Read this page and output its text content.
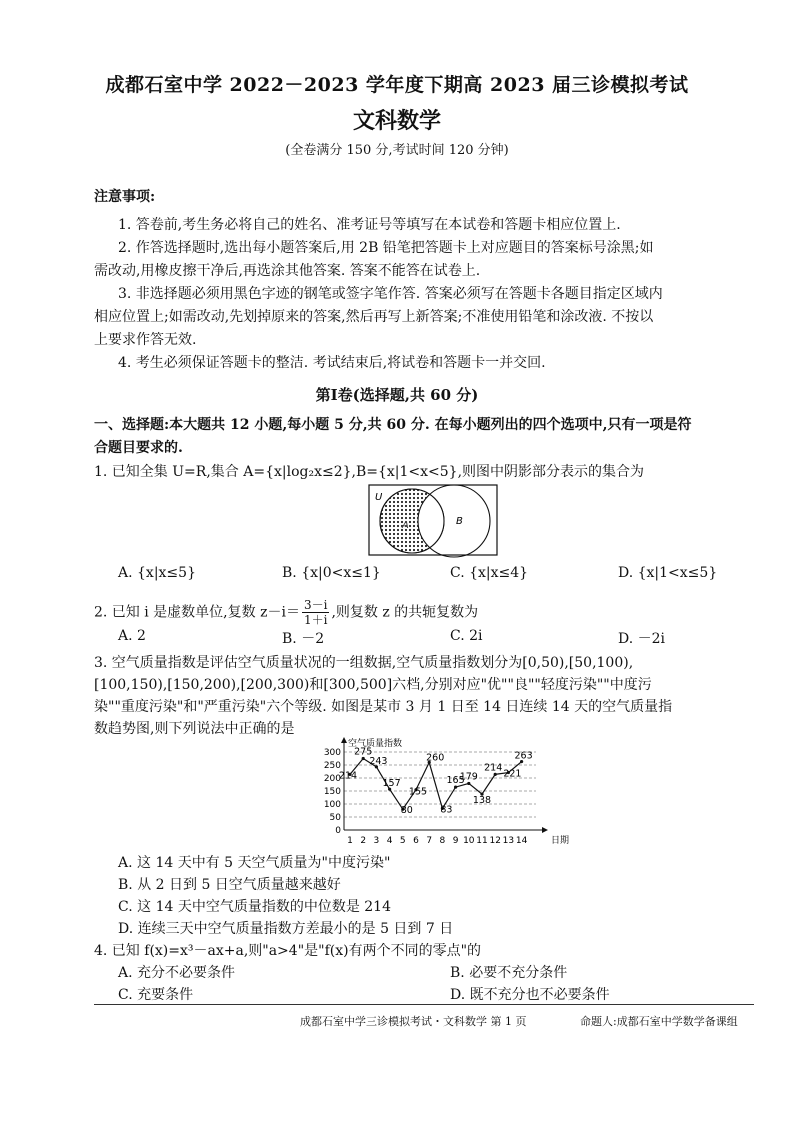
成都石室中学 2022－2023 学年度下期高 2023 届三诊模拟考试
文科数学
(全卷满分 150 分,考试时间 120 分钟)
注意事项:
1. 答卷前,考生务必将自己的姓名、准考证号等填写在本试卷和答题卡相应位置上.
2. 作答选择题时,选出每小题答案后,用 2B 铅笔把答题卡上对应题目的答案标号涂黑;如
需改动,用橡皮擦干净后,再选涂其他答案. 答案不能答在试卷上.
3. 非选择题必须用黑色字迹的钢笔或签字笔作答. 答案必须写在答题卡各题目指定区域内
相应位置上;如需改动,先划掉原来的答案,然后再写上新答案;不准使用铅笔和涂改液. 不按以
上要求作答无效.
4. 考生必须保证答题卡的整洁. 考试结束后,将试卷和答题卡一并交回.
第Ⅰ卷(选择题,共 60 分)
一、选择题:本大题共 12 小题,每小题 5 分,共 60 分. 在每小题列出的四个选项中,只有一项是符
合题目要求的.
1. 已知全集 U=R,集合 A={x|log₂x≤2},B={x|1<x<5},则图中阴影部分表示的集合为
U
A	B
A. {x|x≤5}	B. {x|0<x≤1}	C. {x|x≤4}	D. {x|1<x≤5}
2. 已知 i 是虚数单位,复数 $z-i= \frac{3-i}{1+i}$ ,则复数 z 的共轭复数为
A. 2	B. －2	C. 2i	D. －2i
3. 空气质量指数是评估空气质量状况的一组数据,空气质量指数划分为[0,50),[50,100),
[100,150),[150,200),[200,300)和[300,500]六档,分别对应"优""良""轻度污染""中度污
染""重度污染"和"严重污染"六个等级. 如图是某市 3 月 1 日至 14 日连续 14 天的空气质量指
数趋势图,则下列说法中正确的是
0
50
100
150
200
250
300
空气质量指数
日期
1 2 3 4 5 6 7 8 9 10 11 12 13 14
214
275
243
157
80
155
260
83
165
179
138
214
221
263
A. 这 14 天中有 5 天空气质量为"中度污染"
B. 从 2 日到 5 日空气质量越来越好
C. 这 14 天中空气质量指数的中位数是 214
D. 连续三天中空气质量指数方差最小的是 5 日到 7 日
4. 已知 f(x)=x³－ax+a,则"a>4"是"f(x)有两个不同的零点"的
A. 充分不必要条件	B. 必要不充分条件
C. 充要条件	D. 既不充分也不必要条件
成都石室中学三诊模拟考试・文科数学 第 1 页	命题人:成都石室中学数学备课组
